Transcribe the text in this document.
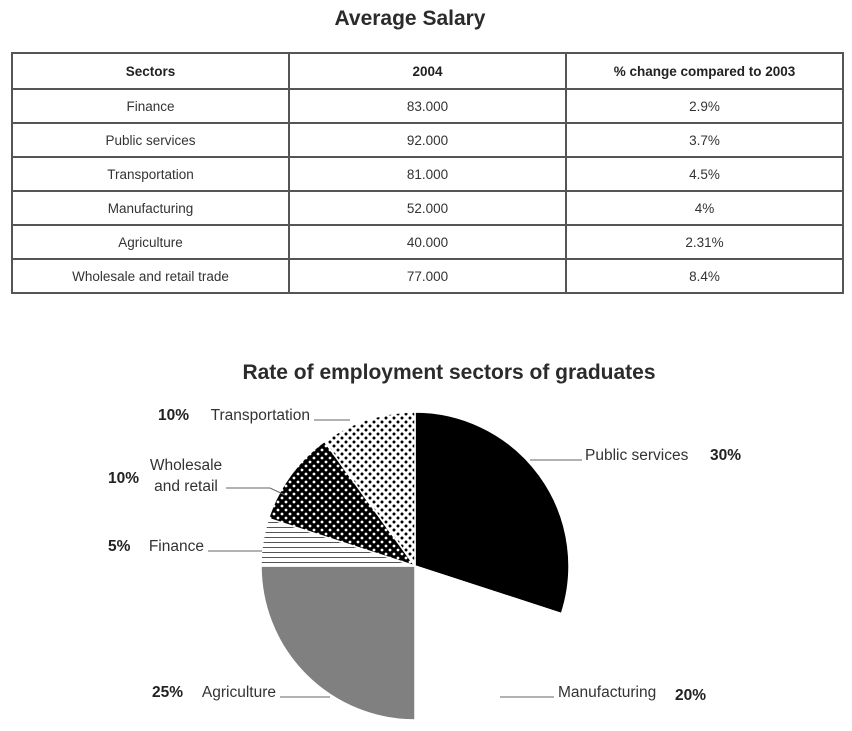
Average Salary
Sectors	2004	% change compared to 2003
Finance	83.000	2.9%
Public services	92.000	3.7%
Transportation	81.000	4.5%
Manufacturing	52.000	4%
Agriculture	40.000	2.31%
Wholesale and retail trade	77.000	8.4%
Rate of employment sectors of graduates
Public services 30%
Manufacturing 20%
Agriculture
25%
Finance
5%
Wholesale and retail
10%
Transportation
10%
